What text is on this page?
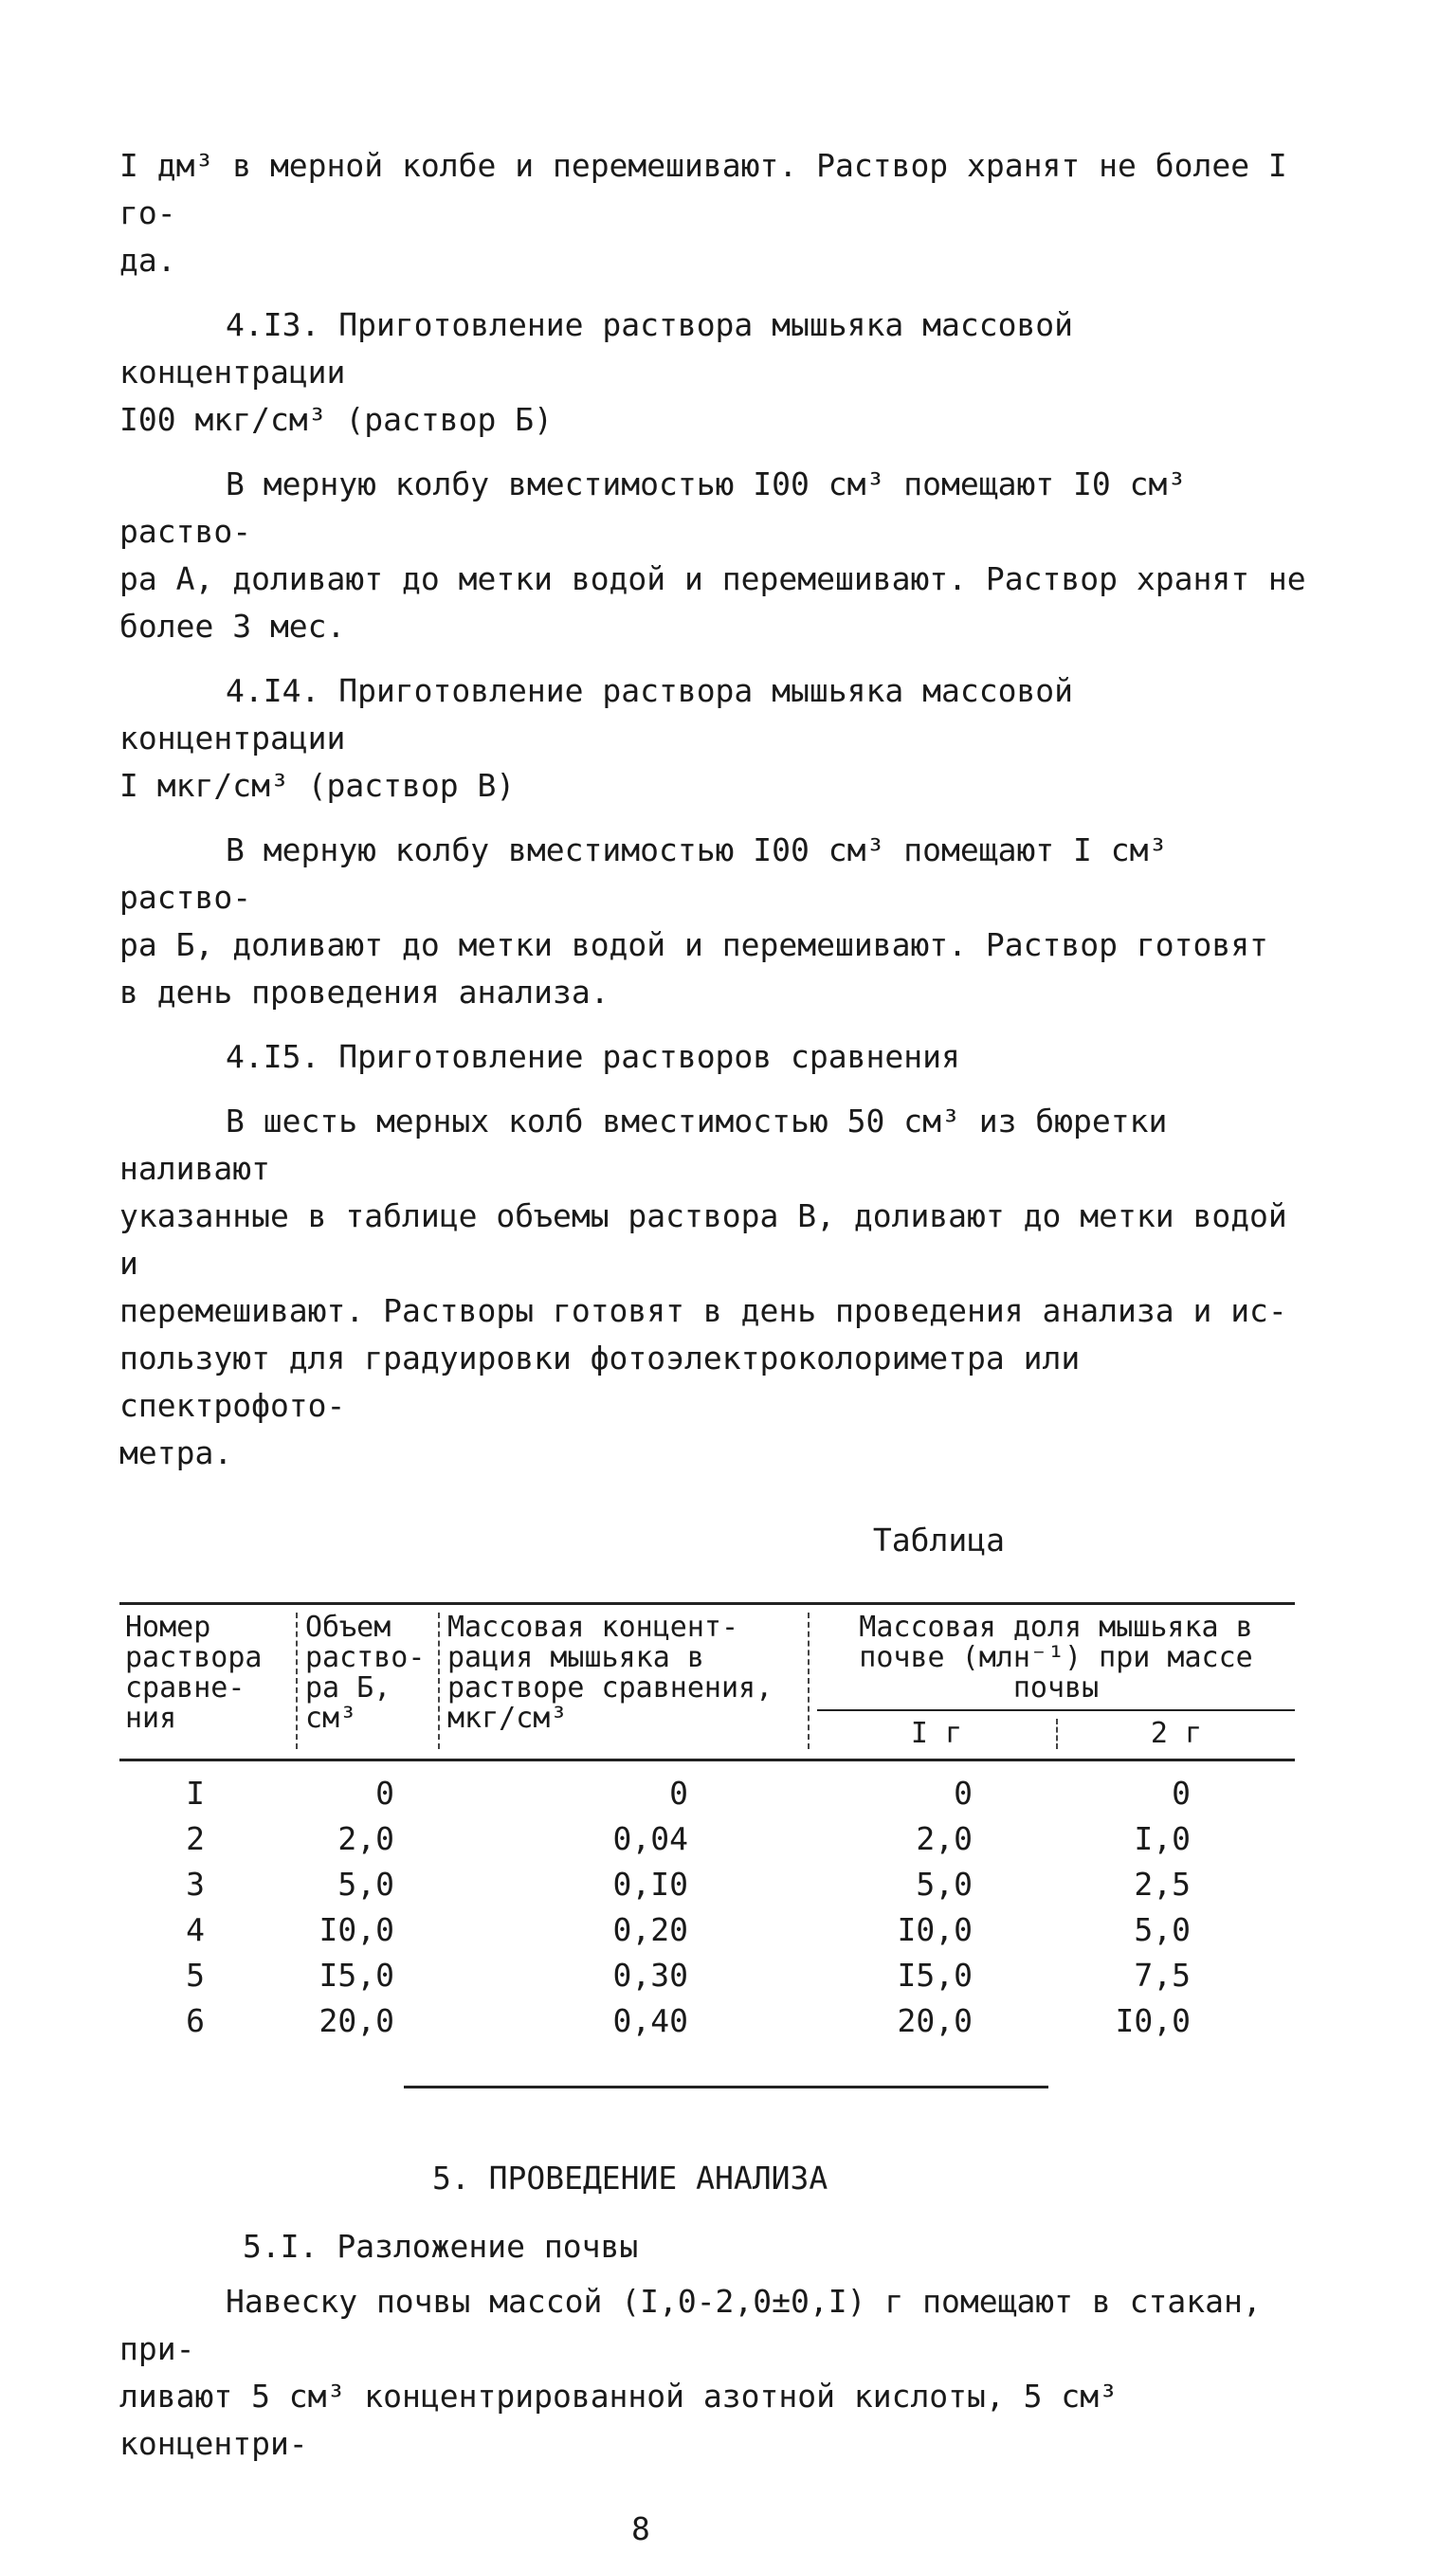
I дм³ в мерной колбе и перемешивают. Раствор хранят не более I го-

да.

4.I3. Приготовление раствора мышьяка массовой концентрации

I00 мкг/см³ (раствор Б)

В мерную колбу вместимостью I00 см³ помещают I0 см³ раство-

ра А, доливают до метки водой и перемешивают. Раствор хранят не

более 3 мес.

4.I4. Приготовление раствора мышьяка массовой концентрации

I мкг/см³ (раствор В)

В мерную колбу вместимостью I00 см³ помещают I см³ раство-

ра Б, доливают до метки водой и перемешивают. Раствор готовят

в день проведения анализа.

4.I5. Приготовление растворов сравнения

В шесть мерных колб вместимостью 50 см³ из бюретки наливают

указанные в таблице объемы раствора В, доливают до метки водой и

перемешивают. Растворы готовят в день проведения анализа и ис-

пользуют для градуировки фотоэлектроколориметра или спектрофото-

метра.

Таблица

Номер раствора сравне-ния
Объем раство-ра Б, см³
Массовая концент-рация мышьяка в растворе сравнения, мкг/см³
Массовая доля мышьяка в почве (млн⁻¹) при массе почвы
I г	2 г
I	0	0	0	0
2	2,0	0,04	2,0	I,0
3	5,0	0,I0	5,0	2,5
4	I0,0	0,20	I0,0	5,0
5	I5,0	0,30	I5,0	7,5
6	20,0	0,40	20,0	I0,0

5. ПРОВЕДЕНИЕ АНАЛИЗА

5.I. Разложение почвы

Навеску почвы массой (I,0-2,0±0,I) г помещают в стакан, при-

ливают 5 см³ концентрированной азотной кислоты, 5 см³ концентри-

8
